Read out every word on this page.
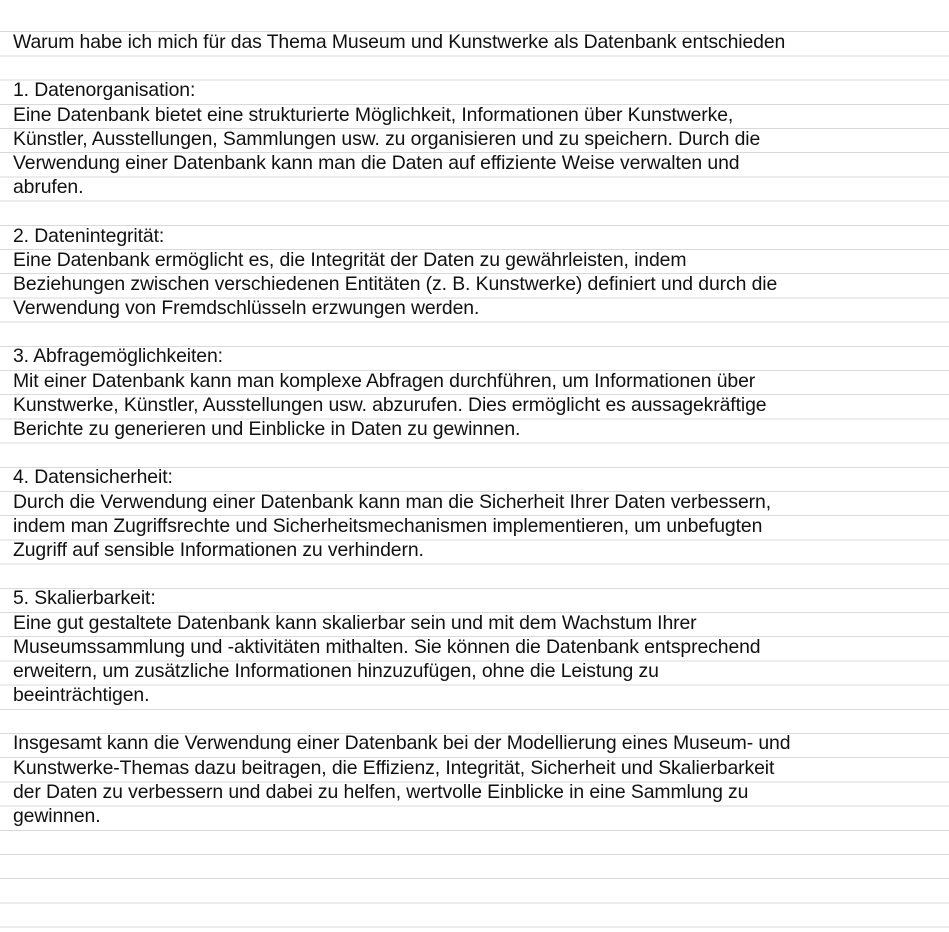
Warum habe ich mich für das Thema Museum und Kunstwerke als Datenbank entschieden
1. Datenorganisation:
Eine Datenbank bietet eine strukturierte Möglichkeit, Informationen über Kunstwerke,
Künstler, Ausstellungen, Sammlungen usw. zu organisieren und zu speichern. Durch die
Verwendung einer Datenbank kann man die Daten auf effiziente Weise verwalten und
abrufen.
2. Datenintegrität:
Eine Datenbank ermöglicht es, die Integrität der Daten zu gewährleisten, indem
Beziehungen zwischen verschiedenen Entitäten (z. B. Kunstwerke) definiert und durch die
Verwendung von Fremdschlüsseln erzwungen werden.
3. Abfragemöglichkeiten:
Mit einer Datenbank kann man komplexe Abfragen durchführen, um Informationen über
Kunstwerke, Künstler, Ausstellungen usw. abzurufen. Dies ermöglicht es aussagekräftige
Berichte zu generieren und Einblicke in Daten zu gewinnen.
4. Datensicherheit:
Durch die Verwendung einer Datenbank kann man die Sicherheit Ihrer Daten verbessern,
indem man Zugriffsrechte und Sicherheitsmechanismen implementieren, um unbefugten
Zugriff auf sensible Informationen zu verhindern.
5. Skalierbarkeit:
Eine gut gestaltete Datenbank kann skalierbar sein und mit dem Wachstum Ihrer
Museumssammlung und -aktivitäten mithalten. Sie können die Datenbank entsprechend
erweitern, um zusätzliche Informationen hinzuzufügen, ohne die Leistung zu
beeinträchtigen.
Insgesamt kann die Verwendung einer Datenbank bei der Modellierung eines Museum- und
Kunstwerke-Themas dazu beitragen, die Effizienz, Integrität, Sicherheit und Skalierbarkeit
der Daten zu verbessern und dabei zu helfen, wertvolle Einblicke in eine Sammlung zu
gewinnen.
